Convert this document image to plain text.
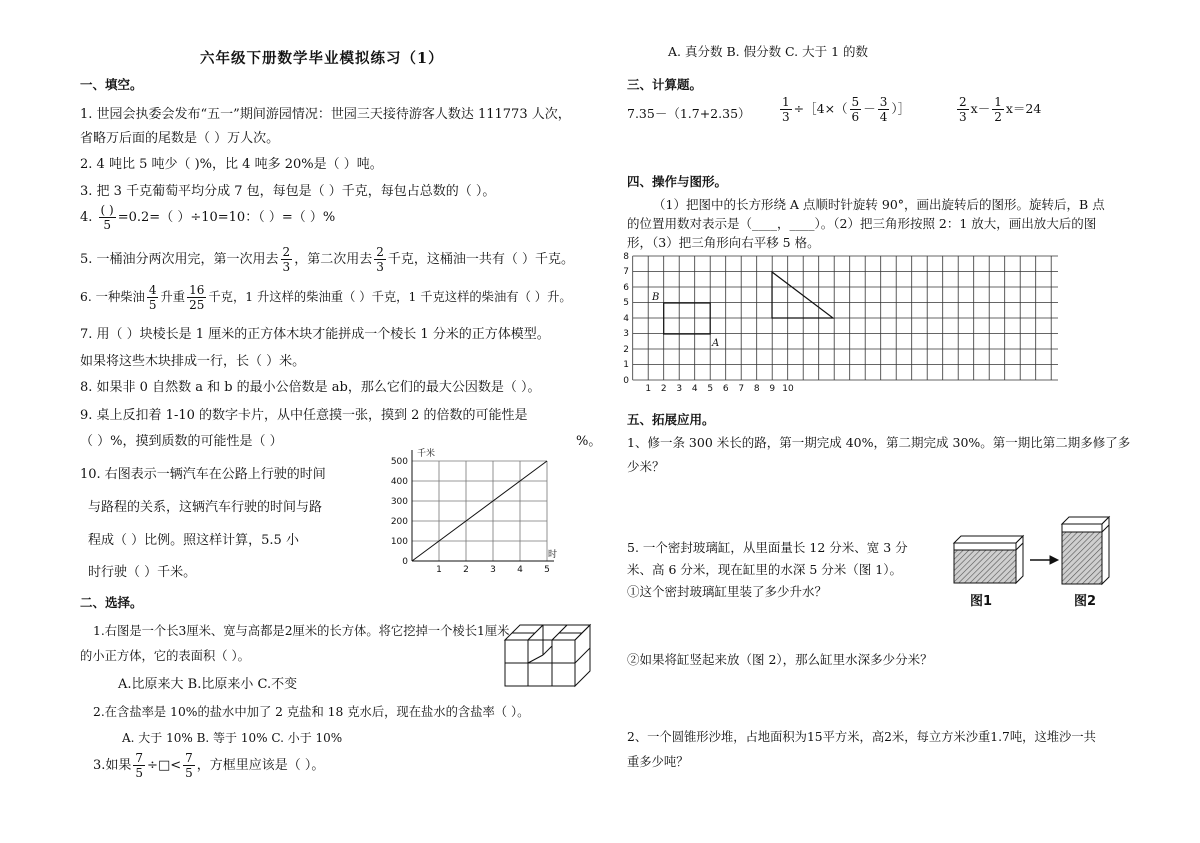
六年级下册数学毕业模拟练习（1）
一、填空。
1. 世园会执委会发布“五一”期间游园情况：世园三天接待游客人数达 111773 人次，
省略万后面的尾数是（ ）万人次。
2. 4 吨比 5 吨少（ )%，比 4 吨多 20%是（ ）吨。
3. 把 3 千克葡萄平均分成 7 包，每包是（ ）千克，每包占总数的（ ）。
4. $\frac{( )}{5} =0.2=$（ ）÷10=10：（ ）=（ ）%
5. 一桶油分两次用完，第一次用去 $\frac{2}{3}$ ，第二次用去 $\frac{2}{3}$ 千克，这桶油一共有（ ）千克。
6. 一种柴油 $\frac{4}{5}$ 升重 $\frac{16}{25}$ 千克，1 升这样的柴油重（ ）千克，1 千克这样的柴油有（ ）升。
7. 用（ ）块棱长是 1 厘米的正方体木块才能拼成一个棱长 1 分米的正方体模型。
如果将这些木块排成一行，长（ ）米。
8. 如果非 0 自然数 a 和 b 的最小公倍数是 ab，那么它们的最大公因数是（ ）。
9. 桌上反扣着 1-10 的数字卡片，从中任意摸一张，摸到 2 的倍数的可能性是
（ ）%，摸到质数的可能性是（ ）	%。
10. 右图表示一辆汽车在公路上行驶的时间
与路程的关系，这辆汽车行驶的时间与路
程成（ ）比例。照这样计算，5.5 小
时行驶（ ）千米。
0
100
200
300
400
500
1 2 3 4 5
千米
时
二、选择。
1.右图是一个长3厘米、宽与高都是2厘米的长方体。将它挖掉一个棱长1厘米
的小正方体，它的表面积（ ）。
A.比原来大 B.比原来小 C.不变
2.在含盐率是 10%的盐水中加了 2 克盐和 18 克水后，现在盐水的含盐率（ ）。
A. 大于 10% B. 等于 10% C. 小于 10%
3.如果 $\frac{7}{5}$ ÷□< $\frac{7}{5}$ ，方框里应该是（ ）。
A. 真分数 B. 假分数 C. 大于 1 的数
三、计算题。
$7.35-(1.7+2.35) \frac{1}{3}$ ÷［4×（ $\frac{5}{6} - \frac{3}{4}$ ）］	$\frac{2}{3} x- \frac{1}{2} x=24$
四、操作与图形。
（1）把图中的长方形绕 A 点顺时针旋转 90°，画出旋转后的图形。旋转后，B 点
的位置用数对表示是（____，____）。（2）把三角形按照 2：1 放大，画出放大后的图
形，（3）把三角形向右平移 5 格。
0
1
2
3
4
5
6
7
8
1 2 3 4 5 6 7 8 9 10
B
A
五、拓展应用。
1、修一条 300 米长的路，第一期完成 40%，第二期完成 30%。第一期比第二期多修了多
少米？
5. 一个密封玻璃缸，从里面量长 12 分米、宽 3 分
米、高 6 分米，现在缸里的水深 5 分米（图 1）。
①这个密封玻璃缸里装了多少升水？
②如果将缸竖起来放（图 2），那么缸里水深多少分米？
图1	图2
2、一个圆锥形沙堆，占地面积为15平方米，高2米，每立方米沙重1.7吨，这堆沙一共
重多少吨？
